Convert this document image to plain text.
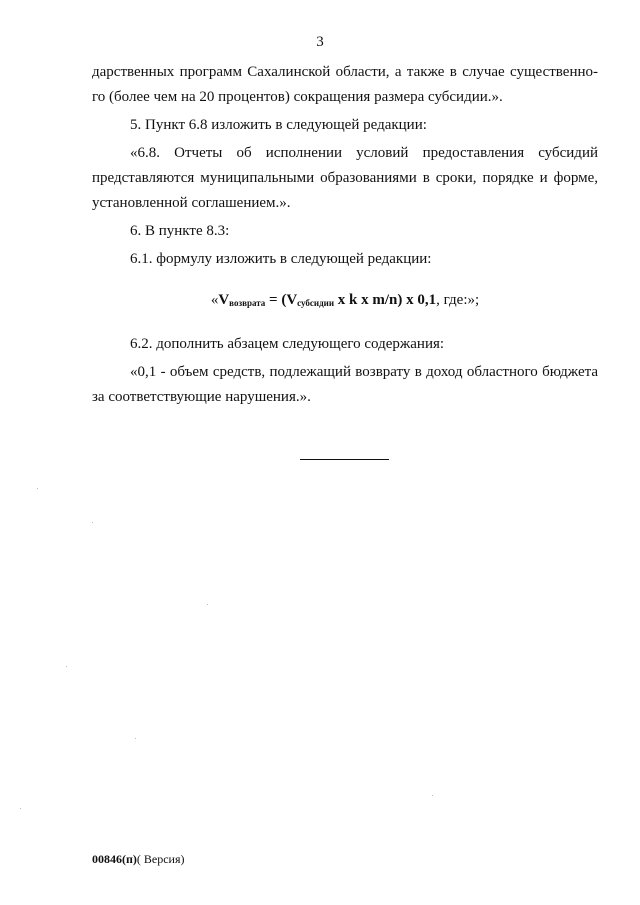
3

дарственных программ Сахалинской области, а также в случае существенно-го (более чем на 20 процентов) сокращения размера субсидии.».

5. Пункт 6.8 изложить в следующей редакции:

«6.8. Отчеты об исполнении условий предоставления субсидий представляются муниципальными образованиями в сроки, порядке и форме, установленной соглашением.».

6. В пункте 8.3:

6.1. формулу изложить в следующей редакции:

«$V_{возврата} = (V_{субсидии}$ x k x m/n) x 0,1, где:»;

6.2. дополнить абзацем следующего содержания:

«0,1 - объем средств, подлежащий возврату в доход областного бюджета за соответствующие нарушения.».

00846(п)( Версия)
